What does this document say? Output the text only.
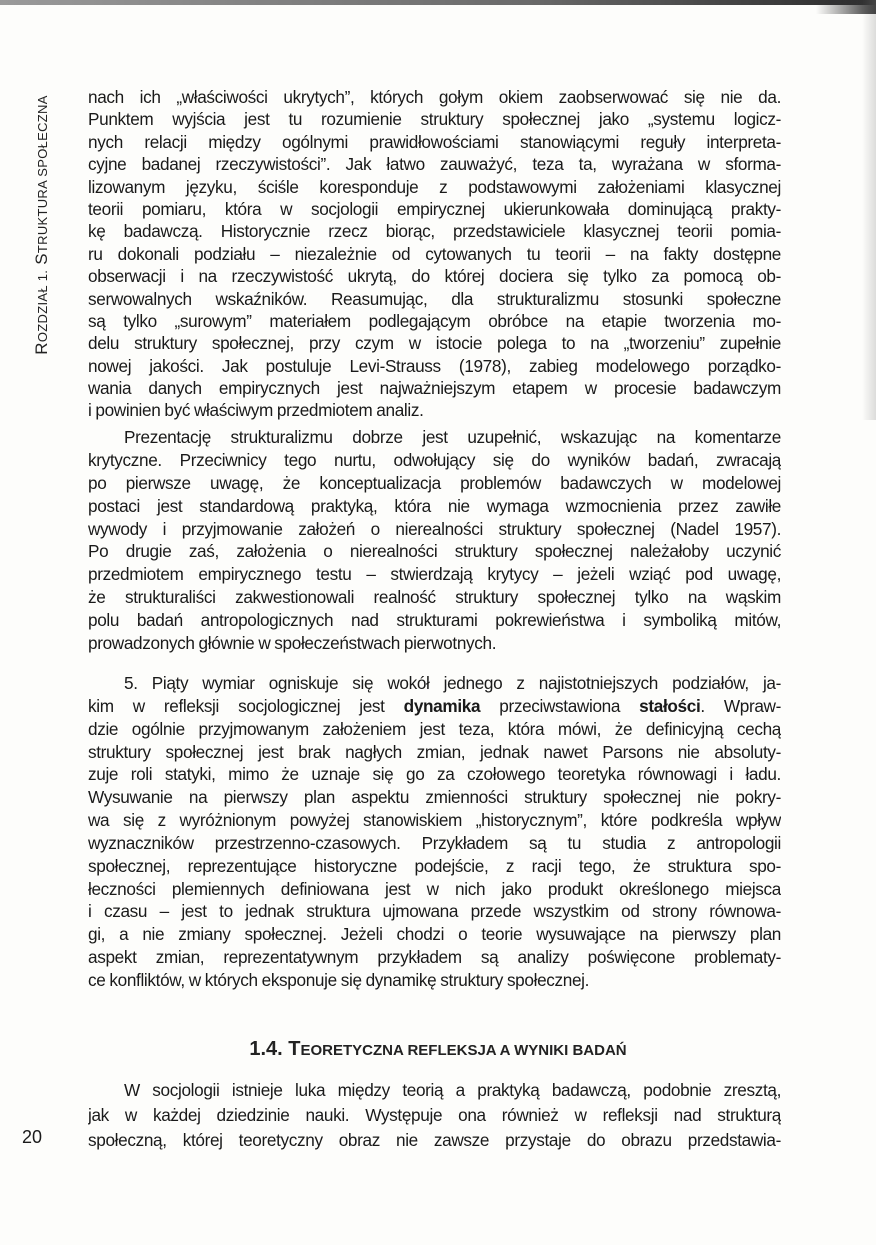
ROZDZIAŁ 1. STRUKTURA SPOŁECZNA nach ich „właściwości ukrytych”, których gołym okiem zaobserwować się nie da.
Punktem wyjścia jest tu rozumienie struktury społecznej jako „systemu logicz-
nych relacji między ogólnymi prawidłowościami stanowiącymi reguły interpreta-
cyjne badanej rzeczywistości”. Jak łatwo zauważyć, teza ta, wyrażana w sforma-
lizowanym języku, ściśle koresponduje z podstawowymi założeniami klasycznej
teorii pomiaru, która w socjologii empirycznej ukierunkowała dominującą prakty-
kę badawczą. Historycznie rzecz biorąc, przedstawiciele klasycznej teorii pomia-
ru dokonali podziału – niezależnie od cytowanych tu teorii – na fakty dostępne
obserwacji i na rzeczywistość ukrytą, do której dociera się tylko za pomocą ob-
serwowalnych wskaźników. Reasumując, dla strukturalizmu stosunki społeczne
są tylko „surowym” materiałem podlegającym obróbce na etapie tworzenia mo-
delu struktury społecznej, przy czym w istocie polega to na „tworzeniu” zupełnie
nowej jakości. Jak postuluje Levi-Strauss (1978), zabieg modelowego porządko-
wania danych empirycznych jest najważniejszym etapem w procesie badawczym
i powinien być właściwym przedmiotem analiz.
Prezentację strukturalizmu dobrze jest uzupełnić, wskazując na komentarze
krytyczne. Przeciwnicy tego nurtu, odwołujący się do wyników badań, zwracają
po pierwsze uwagę, że konceptualizacja problemów badawczych w modelowej
postaci jest standardową praktyką, która nie wymaga wzmocnienia przez zawiłe
wywody i przyjmowanie założeń o nierealności struktury społecznej (Nadel 1957).
Po drugie zaś, założenia o nierealności struktury społecznej należałoby uczynić
przedmiotem empirycznego testu – stwierdzają krytycy – jeżeli wziąć pod uwagę,
że strukturaliści zakwestionowali realność struktury społecznej tylko na wąskim
polu badań antropologicznych nad strukturami pokrewieństwa i symboliką mitów,
prowadzonych głównie w społeczeństwach pierwotnych.
5. Piąty wymiar ogniskuje się wokół jednego z najistotniejszych podziałów, ja-
kim w refleksji socjologicznej jest dynamika przeciwstawiona stałości. Wpraw-
dzie ogólnie przyjmowanym założeniem jest teza, która mówi, że definicyjną cechą
struktury społecznej jest brak nagłych zmian, jednak nawet Parsons nie absoluty-
zuje roli statyki, mimo że uznaje się go za czołowego teoretyka równowagi i ładu.
Wysuwanie na pierwszy plan aspektu zmienności struktury społecznej nie pokry-
wa się z wyróżnionym powyżej stanowiskiem „historycznym”, które podkreśla wpływ
wyznaczników przestrzenno-czasowych. Przykładem są tu studia z antropologii
społecznej, reprezentujące historyczne podejście, z racji tego, że struktura spo-
łeczności plemiennych definiowana jest w nich jako produkt określonego miejsca
i czasu – jest to jednak struktura ujmowana przede wszystkim od strony równowa-
gi, a nie zmiany społecznej. Jeżeli chodzi o teorie wysuwające na pierwszy plan
aspekt zmian, reprezentatywnym przykładem są analizy poświęcone problematy-
ce konfliktów, w których eksponuje się dynamikę struktury społecznej.
W socjologii istnieje luka między teorią a praktyką badawczą, podobnie zresztą,
jak w każdej dziedzinie nauki. Występuje ona również w refleksji nad strukturą
społeczną, której teoretyczny obraz nie zawsze przystaje do obrazu przedstawia-
1.4. TEORETYCZNA REFLEKSJA A WYNIKI BADAŃ
20
